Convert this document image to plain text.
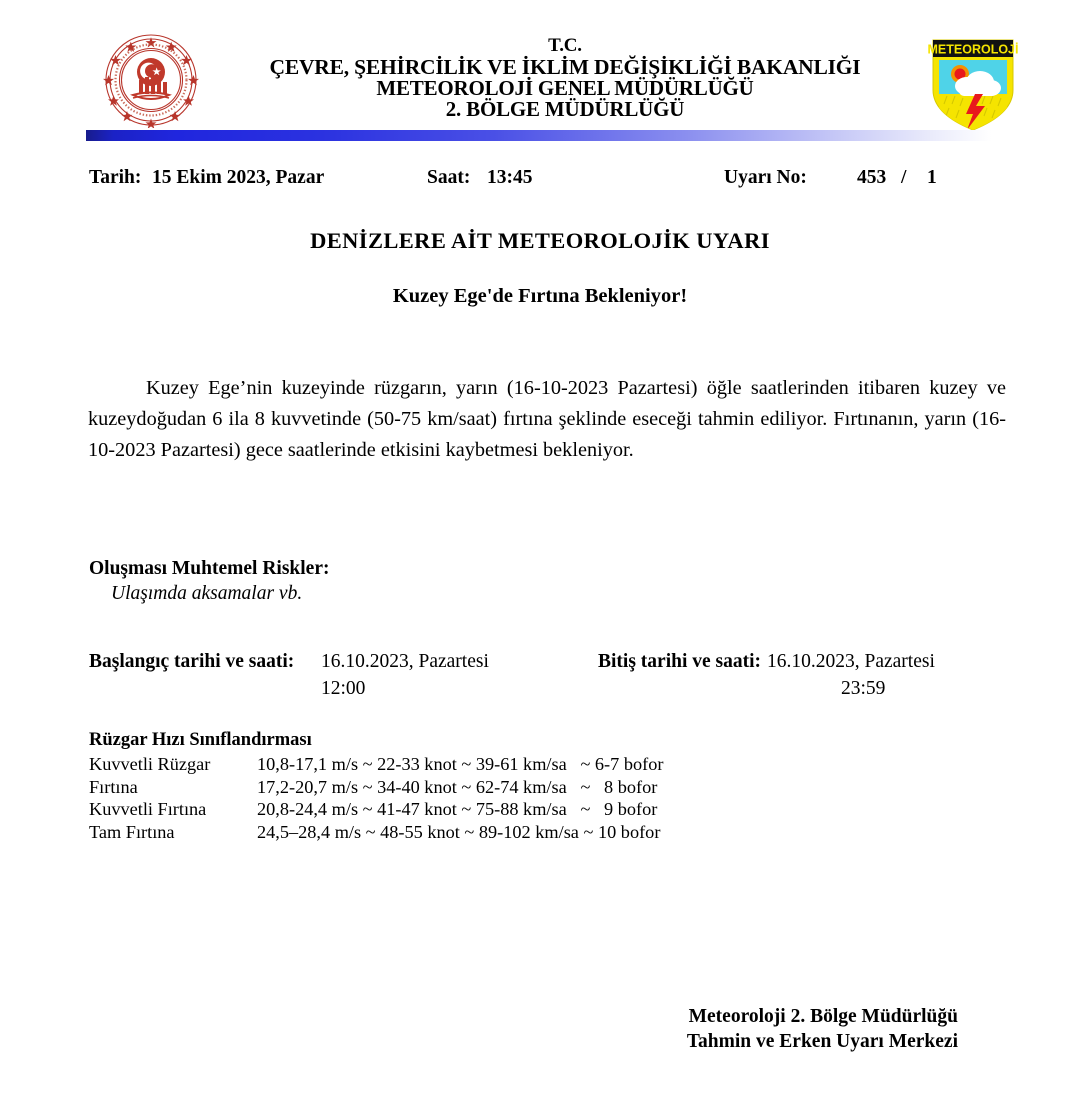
T.C.
ÇEVRE, ŞEHİRCİLİK VE İKLİM DEĞİŞİKLİĞİ BAKANLIĞI
METEOROLOJİ GENEL MÜDÜRLÜĞÜ
2. BÖLGE MÜDÜRLÜĞÜ
METEOROLOJİ
Tarih: 15 Ekim 2023, Pazar	Saat: 13:45	Uyarı No:	453 / 1
DENİZLERE AİT METEOROLOJİK UYARI
Kuzey Ege'de Fırtına Bekleniyor!
Kuzey Ege’nin kuzeyinde rüzgarın, yarın (16-10-2023 Pazartesi) öğle saatlerinden itibaren kuzey ve kuzeydoğudan 6 ila 8 kuvvetinde (50-75 km/saat) fırtına şeklinde eseceği tahmin ediliyor. Fırtınanın, yarın (16-10-2023 Pazartesi) gece saatlerinde etkisini kaybetmesi bekleniyor.
Oluşması Muhtemel Riskler:
Ulaşımda aksamalar vb.
Başlangıç tarihi ve saati: 16.10.2023, Pazartesi
12:00
Bitiş tarihi ve saati: 16.10.2023, Pazartesi
23:59
Rüzgar Hızı Sınıflandırması

Kuvvetli Rüzgar

	10,8-17,1 m/s ~ 22-33 knot ~ 39-61 km/sa   ~ 6-7 bofor

Fırtına

	17,2-20,7 m/s ~ 34-40 knot ~ 62-74 km/sa   ~   8 bofor

Kuvvetli Fırtına

	20,8-24,4 m/s ~ 41-47 knot ~ 75-88 km/sa   ~   9 bofor

Tam Fırtına

	24,5–28,4 m/s ~ 48-55 knot ~ 89-102 km/sa ~ 10 bofor

Meteoroloji 2. Bölge Müdürlüğü
Tahmin ve Erken Uyarı Merkezi
